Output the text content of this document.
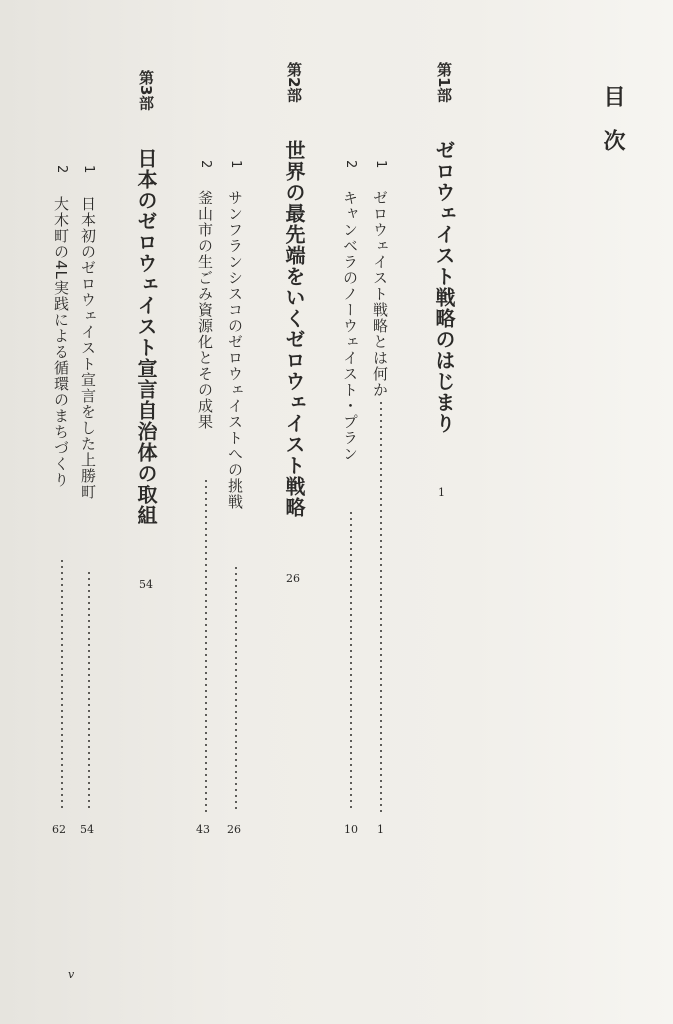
目次
第1部
ゼロウェイスト戦略のはじまり
1
1
ゼロウェイスト戦略とは何か
1
2
キャンベラのノーウェイスト・プラン
10
第2部
世界の最先端をいくゼロウェイスト戦略
26
1
サンフランシスコのゼロウェイストへの挑戦
26
2
釜山市の生ごみ資源化とその成果
43
第3部
日本のゼロウェイスト宣言自治体の取組
54
1
日本初のゼロウェイスト宣言をした上勝町
54
2
大木町の4L実践による循環のまちづくり
62
v
